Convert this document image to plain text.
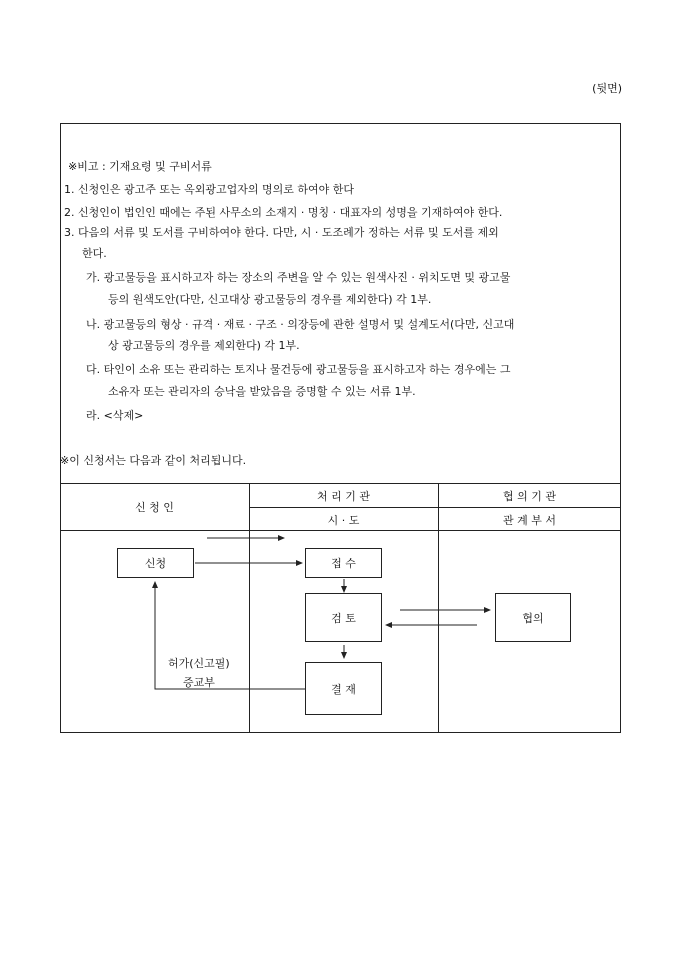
(뒷면)
※비고 : 기재요령 및 구비서류
1. 신청인은 광고주 또는 옥외광고업자의 명의로 하여야 한다
2. 신청인이 법인인 때에는 주된 사무소의 소재지 · 명칭 · 대표자의 성명을 기재하여야 한다.
3. 다음의 서류 및 도서를 구비하여야 한다. 다만, 시 · 도조례가 정하는 서류 및 도서를 제외
한다.
가. 광고물등을 표시하고자 하는 장소의 주변을 알 수 있는 원색사진 · 위치도면 및 광고물
등의 원색도안(다만, 신고대상 광고물등의 경우를 제외한다) 각 1부.
나. 광고물등의 형상 · 규격 · 재료 · 구조 · 의장등에 관한 설명서 및 설계도서(다만, 신고대
상 광고물등의 경우를 제외한다) 각 1부.
다. 타인이 소유 또는 관리하는 토지나 물건등에 광고물등을 표시하고자 하는 경우에는 그
소유자 또는 관리자의 승낙을 받았음을 증명할 수 있는 서류 1부.
라. <삭제>
※이 신청서는 다음과 같이 처리됩니다.
신 청 인
처 리 기 관
시 · 도
협 의 기 관
관 계 부 서
신청	접 수
검 토	협의
결 재
허가(신고필)
증교부
